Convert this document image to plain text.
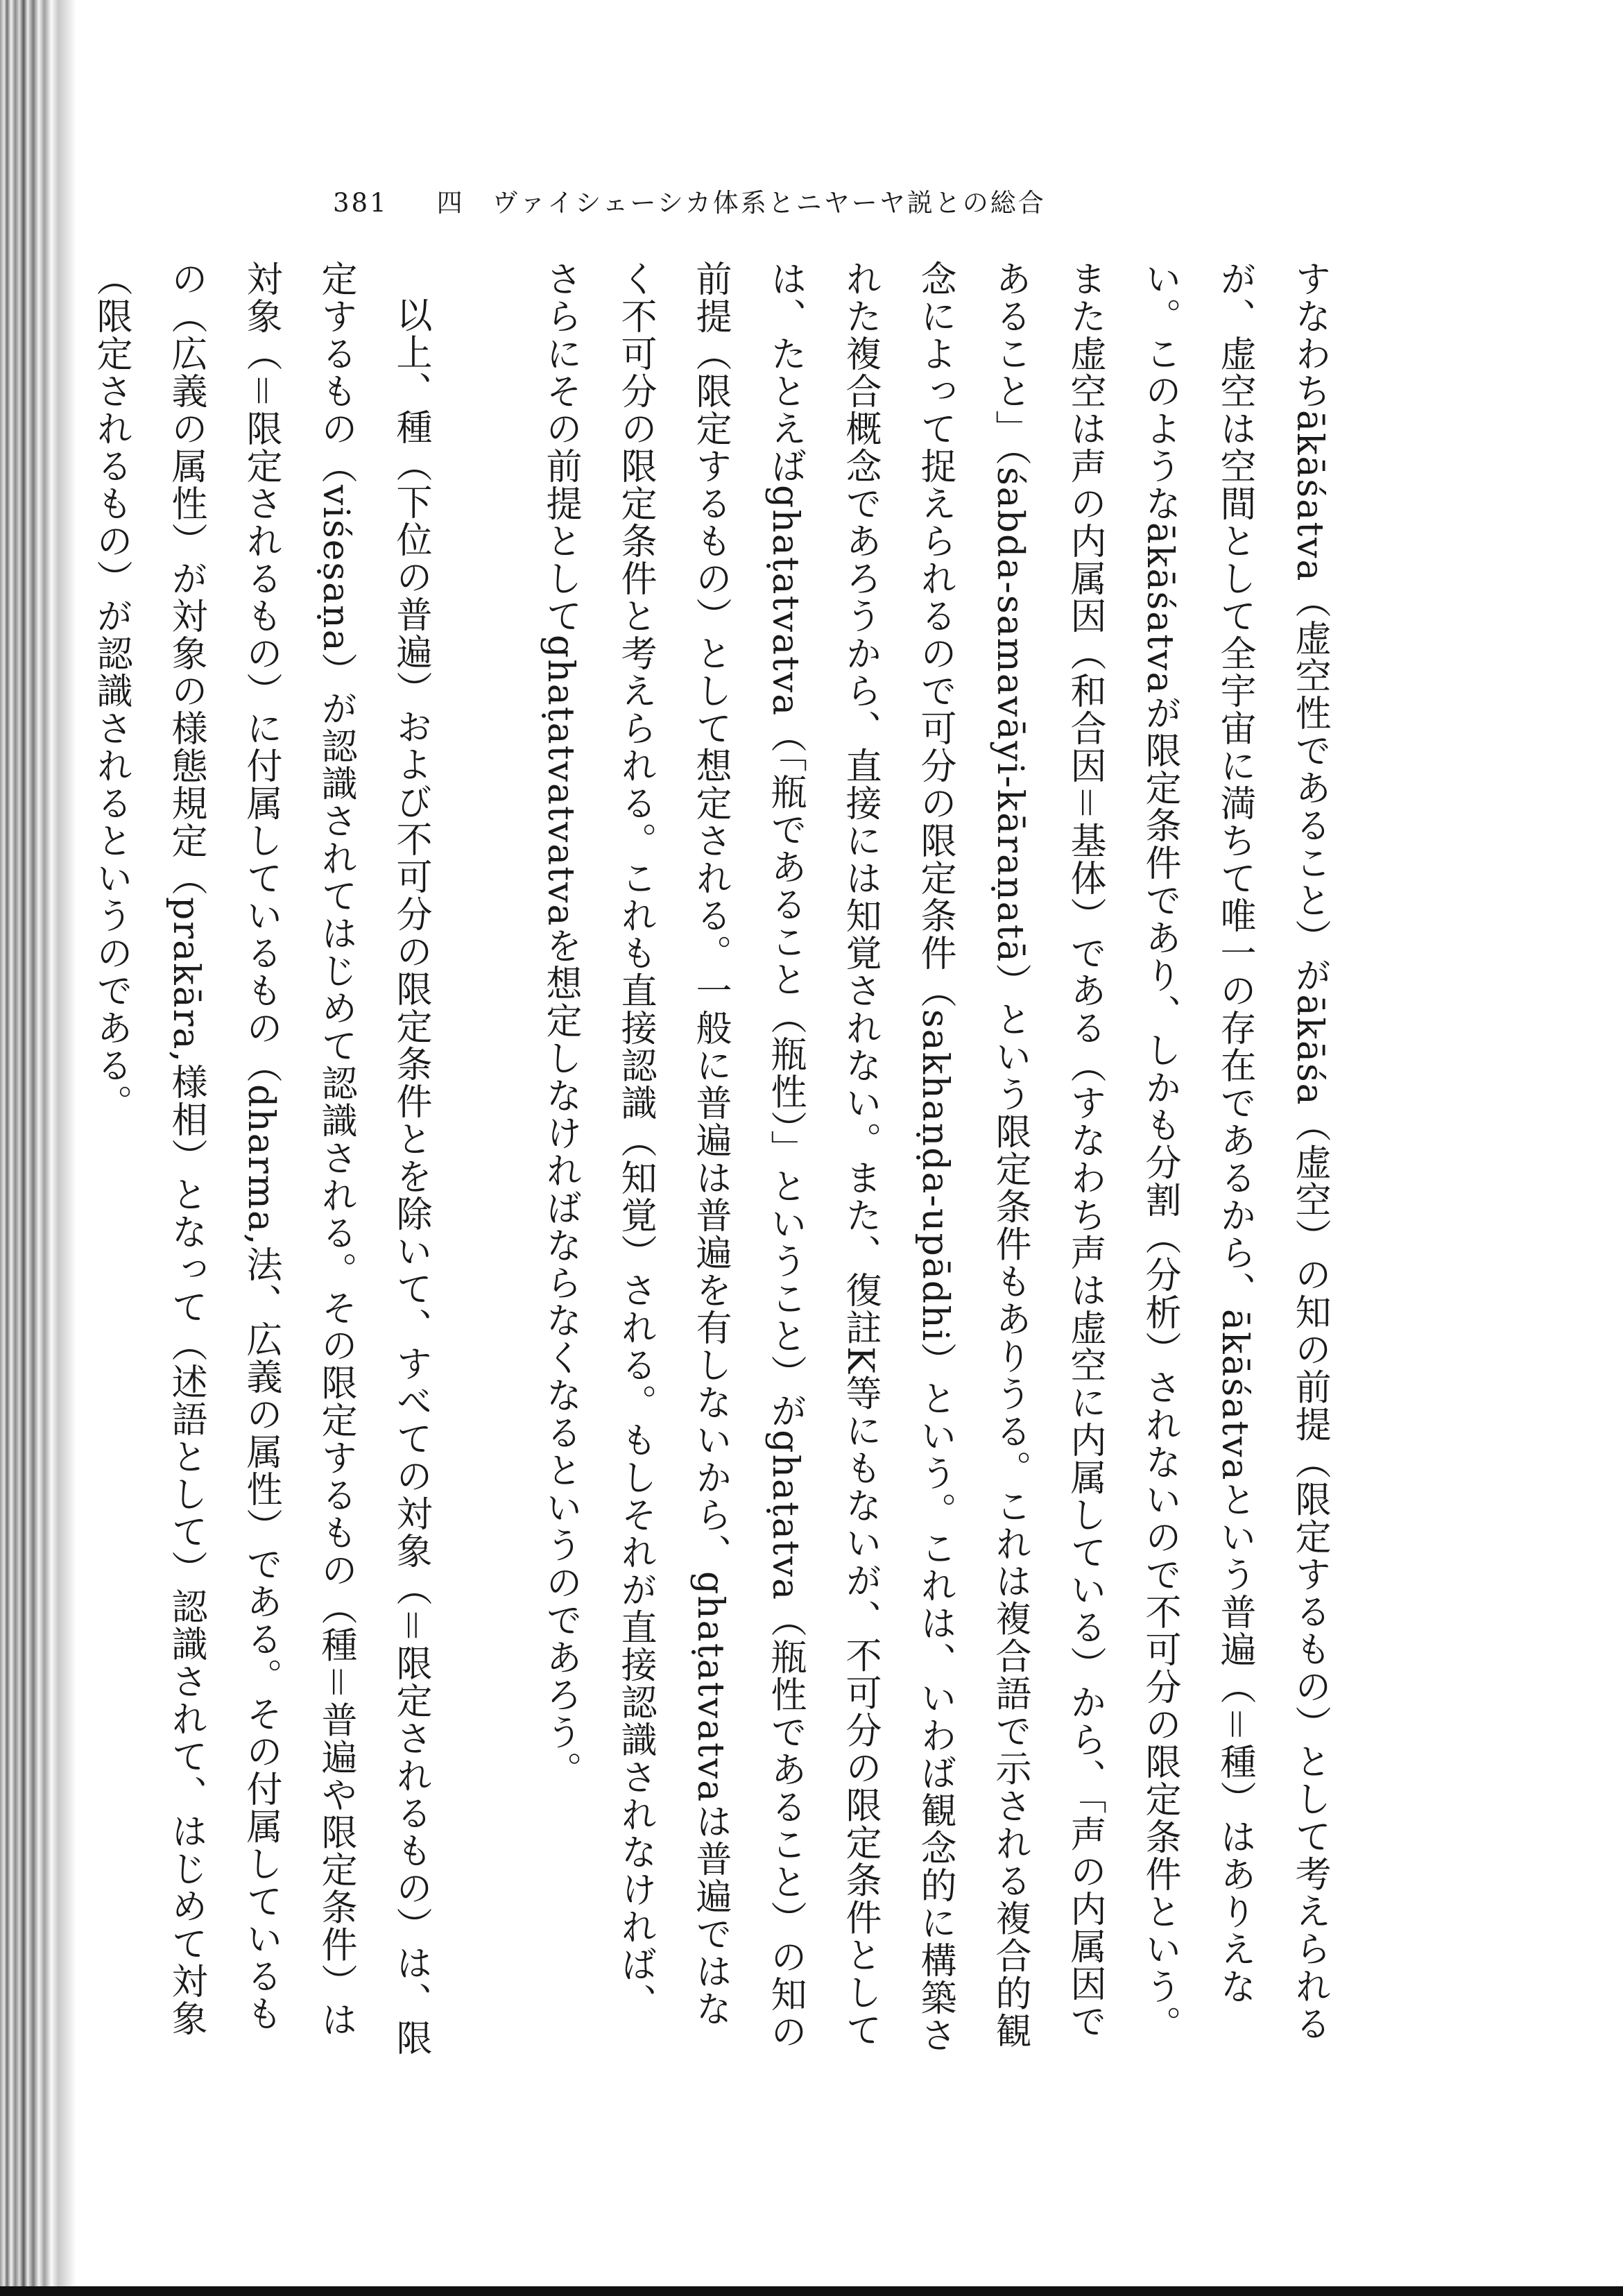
381 四　ヴァイシェーシカ体系とニヤーヤ説との総合

すなわちākāśatva（虚空性であること）がākāśa（虚空）の知の前提（限定するもの）として考えられるが、虚空は空間として全宇宙に満ちて唯一の存在であるから、ākāśatvaという普遍（＝種）はありえない。このようなākāśatvaが限定条件であり、しかも分割（分析）されないので不可分の限定条件という。また虚空は声の内属因（和合因＝基体）である（すなわち声は虚空に内属している）から、「声の内属因であること」（śabda-samavāyi-kāraṇatā）という限定条件もありうる。これは複合語で示される複合的観念によって捉えられるので可分の限定条件（sakhaṇḍa-upādhi）という。これは、いわば観念的に構築された複合概念であろうから、直接には知覚されない。また、復註K等にもないが、不可分の限定条件としては、たとえばghaṭatvatva（「瓶であること（瓶性）」ということ）がghaṭatva（瓶性であること）の知の前提（限定するもの）として想定される。一般に普遍は普遍を有しないから、ghaṭatvatvaは普遍ではなく不可分の限定条件と考えられる。これも直接認識（知覚）される。もしそれが直接認識されなければ、さらにその前提としてghaṭatvatvatvaを想定しなければならなくなるというのであろう。

以上、種（下位の普遍）および不可分の限定条件とを除いて、すべての対象（＝限定されるもの）は、限定するもの（viśeṣaṇa）が認識されてはじめて認識される。その限定するもの（種＝普遍や限定条件）は対象（＝限定されるもの）に付属しているもの（dharma,法、広義の属性）である。その付属しているもの（広義の属性）が対象の様態規定（prakāra,様相）となって（述語として）認識されて、はじめて対象（限定されるもの）が認識されるというのである。
